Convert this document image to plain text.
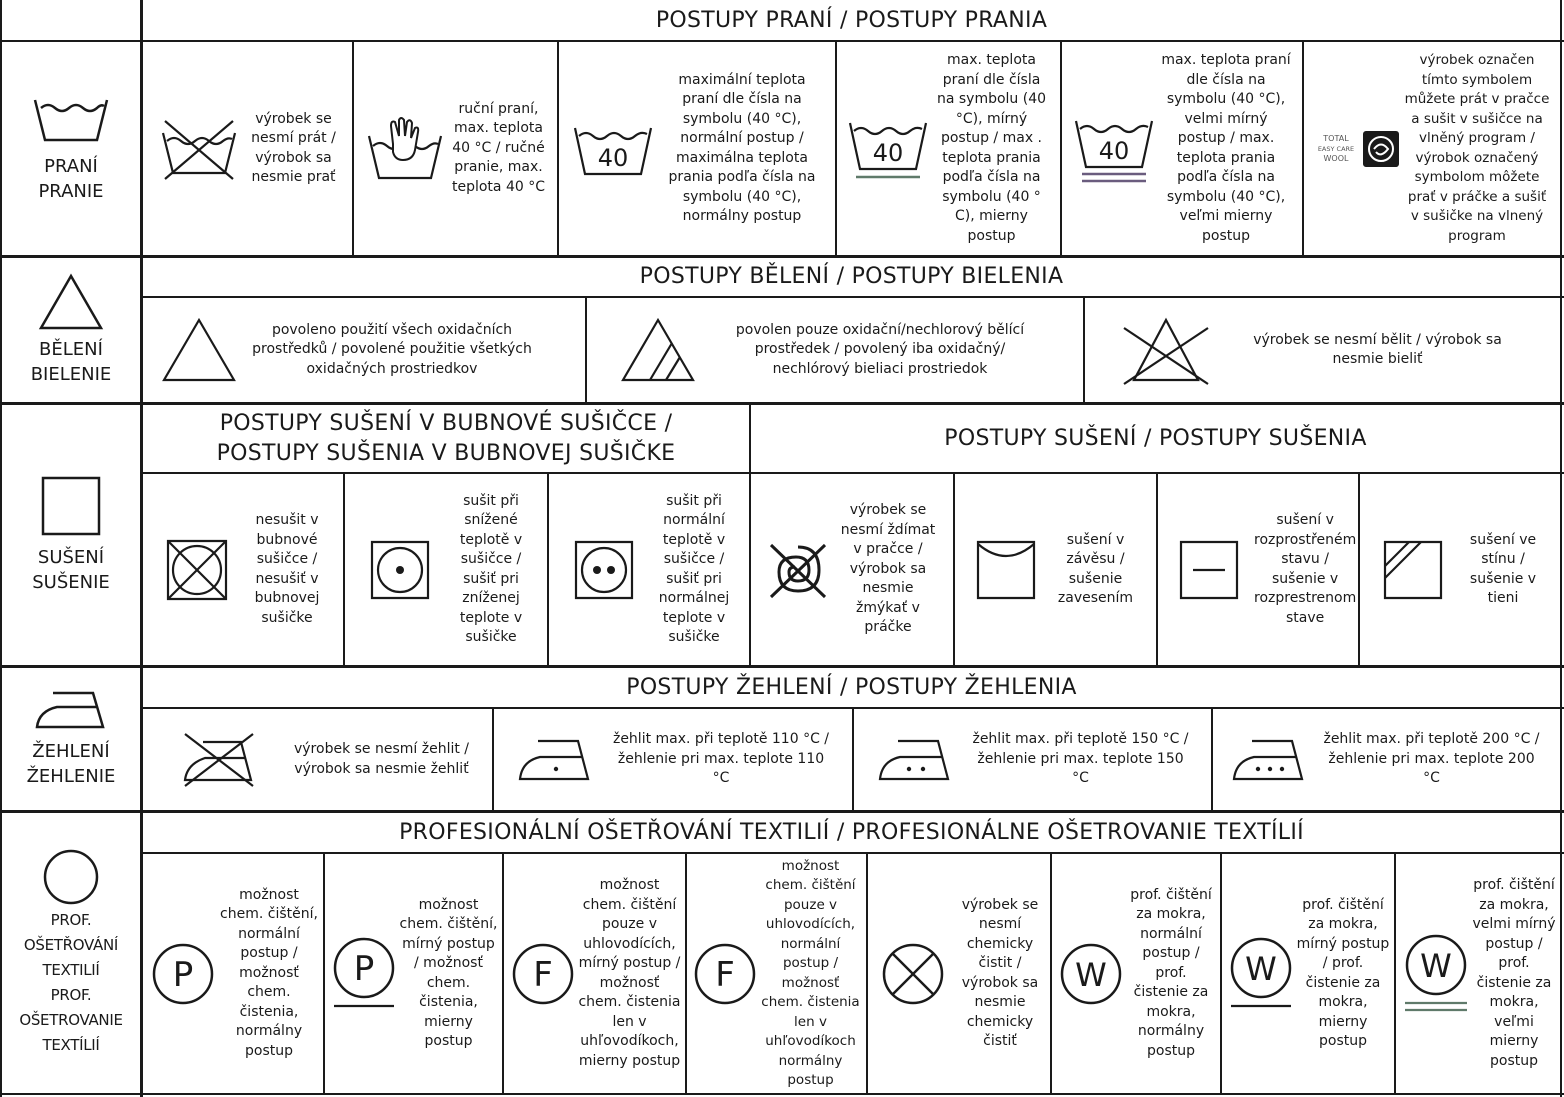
POSTUPY PRANÍ / POSTUPY PRANIA
POSTUPY BĚLENÍ / POSTUPY BIELENIA
POSTUPY SUŠENÍ V BUBNOVÉ SUŠIČCE / POSTUPY SUŠENIA V BUBNOVEJ SUŠIČKE
POSTUPY SUŠENÍ / POSTUPY SUŠENIA
POSTUPY ŽEHLENÍ / POSTUPY ŽEHLENIA
PROFESIONÁLNÍ OŠETŘOVÁNÍ TEXTILIÍ / PROFESIONÁLNE OŠETROVANIE TEXTÍLIÍ
PRANÍ
PRANIE
BĚLENÍ
BIELENIE
SUŠENÍ
SUŠENIE
ŽEHLENÍ
ŽEHLENIE
PROF.
OŠETŘOVÁNÍ
TEXTILIÍ
PROF.
OŠETROVANIE
TEXTÍLIÍ
výrobek se nesmí prát / výrobok sa nesmie prať
ruční praní, max. teplota 40 °C / ručné pranie, max. teplota 40 °C
40
maximální teplota praní dle čísla na symbolu (40 °C), normální postup / maximálna teplota prania podľa čísla na symbolu (40 °C), normálny postup
40
max. teplota praní dle čísla na symbolu (40 °C), mírný postup / max . teplota prania podľa čísla na symbolu (40 ° C), mierny postup
40
max. teplota praní dle čísla na symbolu (40 °C), velmi mírný postup / max. teplota prania podľa čísla na symbolu (40 °C), veľmi mierny postup
TOTAL
EASY CARE
WOOL
výrobek označen tímto symbolem můžete prát v pračce a sušit v sušičce na vlněný program / výrobok označený symbolom môžete prať v práčke a sušiť v sušičke na vlnený program
povoleno použití všech oxidačních prostředků / povolené použitie všetkých oxidačných prostriedkov
povolen pouze oxidační/nechlorový bělící prostředek / povolený iba oxidačný/ nechlórový bieliaci prostriedok
výrobek se nesmí bělit / výrobok sa nesmie bieliť
nesušit v bubnové sušičce / nesušiť v bubnovej sušičke
sušit při snížené teplotě v sušičce / sušiť pri zníženej teplote v sušičke
sušit při normální teplotě v sušičce / sušiť pri normálnej teplote v sušičke
výrobek se nesmí ždímat v pračce / výrobok sa nesmie žmýkať v práčke
sušení v závěsu / sušenie zavesením
sušení v rozprostřeném stavu / sušenie v rozprestrenom stave
sušení ve stínu / sušenie v tieni
výrobek se nesmí žehlit / výrobok sa nesmie žehliť
žehlit max. při teplotě 110 °C / žehlenie pri max. teplote 110 °C
žehlit max. při teplotě 150 °C / žehlenie pri max. teplote 150 °C
žehlit max. při teplotě 200 °C / žehlenie pri max. teplote 200 °C
P
možnost chem. čištění, normální postup / možnosť chem. čistenia, normálny postup
P
možnost chem. čištění, mírný postup / možnosť chem. čistenia, mierny postup
F
možnost chem. čištění pouze v uhlovodících, mírný postup / možnosť chem. čistenia len v uhľovodíkoch, mierny postup
F
možnost chem. čištění pouze v uhlovodících, normální postup / možnosť chem. čistenia len v uhľovodíkoch normálny postup
výrobek se nesmí chemicky čistit / výrobok sa nesmie chemicky čistiť
W
prof. čištění za mokra, normální postup / prof. čistenie za mokra, normálny postup
W
prof. čištění za mokra, mírný postup / prof. čistenie za mokra, mierny postup
W
prof. čištění za mokra, velmi mírný postup / prof. čistenie za mokra, veľmi mierny postup
